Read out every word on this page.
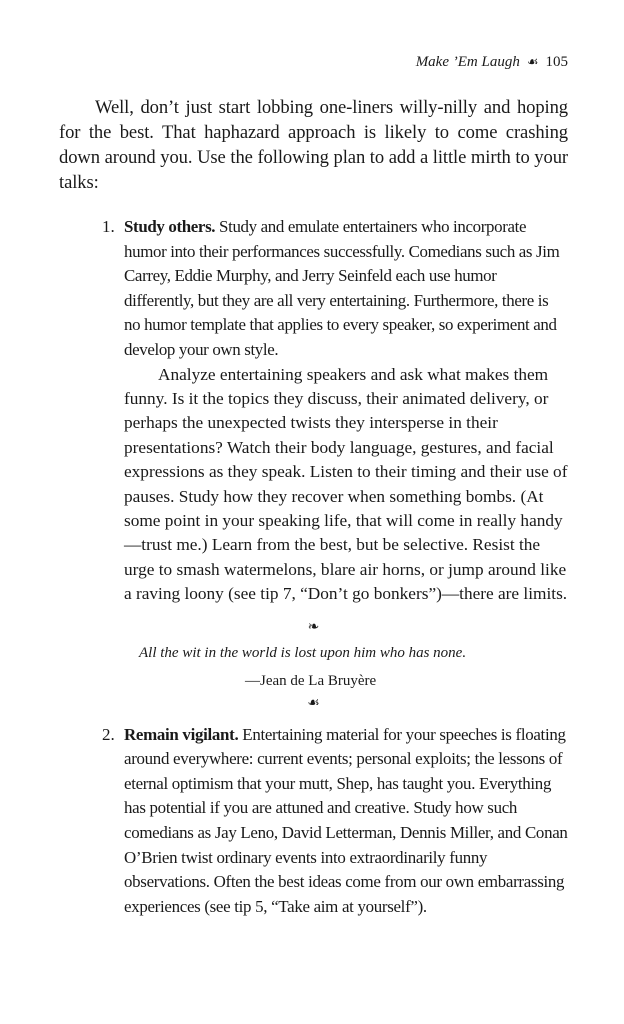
Make ’Em Laugh ☙ 105

Well, don’t just start lobbing one-liners willy-nilly and hoping for the best. That haphazard approach is likely to come crashing down around you. Use the following plan to add a little mirth to your talks:

1. Study others. Study and emulate entertainers who incorporate humor into their performances successfully. Comedians such as Jim Carrey, Eddie Murphy, and Jerry Seinfeld each use humor differently, but they are all very entertaining. Furthermore, there is no humor template that applies to every speaker, so experiment and develop your own style.

Analyze entertaining speakers and ask what makes them funny. Is it the topics they discuss, their animated delivery, or perhaps the unexpected twists they intersperse in their presentations? Watch their body language, gestures, and facial expressions as they speak. Listen to their timing and their use of pauses. Study how they recover when something bombs. (At some point in your speaking life, that will come in really handy—trust me.) Learn from the best, but be selective. Resist the urge to smash watermelons, blare air horns, or jump around like a raving loony (see tip 7, “Don’t go bonkers”)—there are limits.

❧
All the wit in the world is lost upon him who has none.
—Jean de La Bruyère
☙
2. Remain vigilant. Entertaining material for your speeches is floating around everywhere: current events; personal exploits; the lessons of eternal optimism that your mutt, Shep, has taught you. Everything has potential if you are attuned and creative. Study how such comedians as Jay Leno, David Letterman, Dennis Miller, and Conan O’Brien twist ordinary events into extraordinarily funny observations. Often the best ideas come from our own embarrassing experiences (see tip 5, “Take aim at yourself”).
